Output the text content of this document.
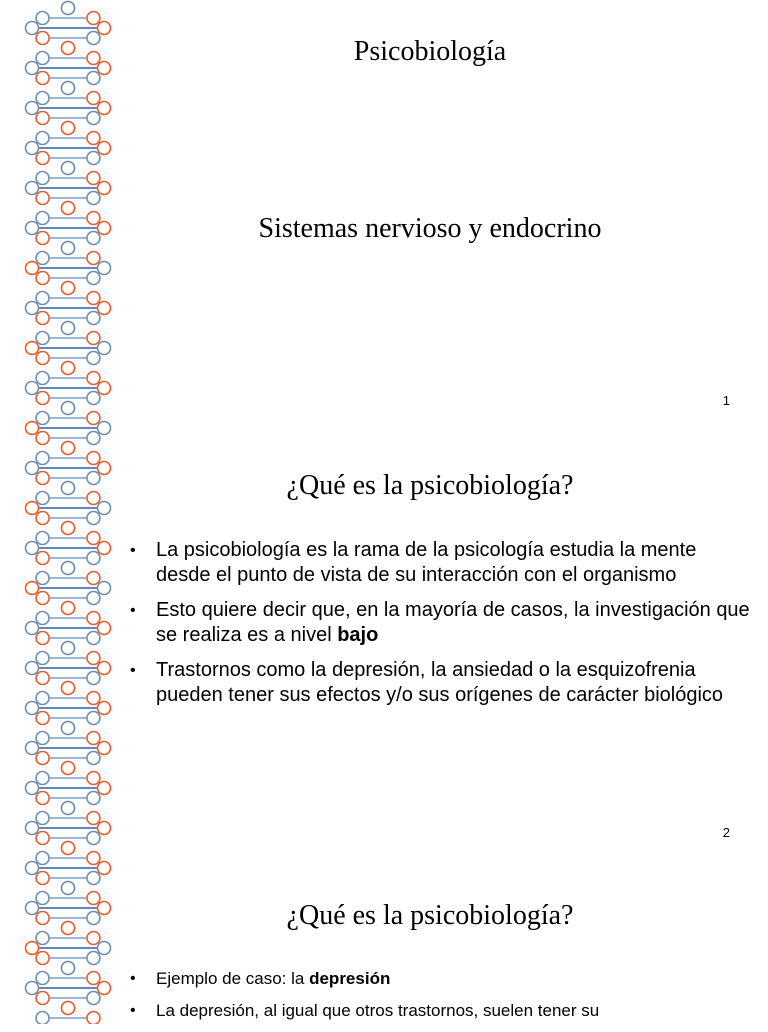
Psicobiología
Sistemas nervioso y endocrino
1
¿Qué es la psicobiología?
•	La psicobiología es la rama de la psicología estudia la mente desde el punto de vista de su interacción con el organismo
•	Esto quiere decir que, en la mayoría de casos, la investigación que se realiza es a nivel bajo
•	Trastornos como la depresión, la ansiedad o la esquizofrenia pueden tener sus efectos y/o sus orígenes de carácter biológico
2
¿Qué es la psicobiología?
•	Ejemplo de caso: la depresión
•	La depresión, al igual que otros trastornos, suelen tener su
